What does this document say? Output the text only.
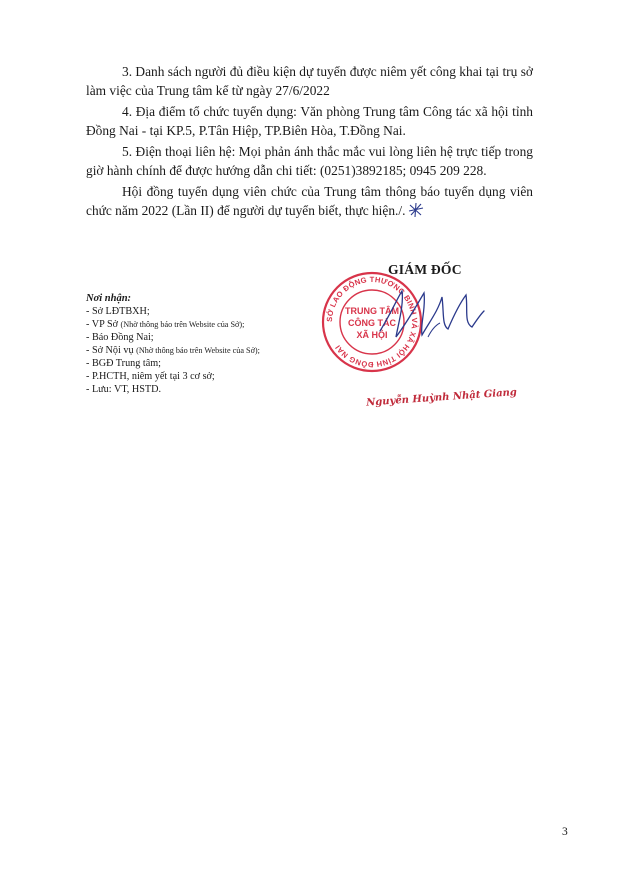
3. Danh sách người đủ điều kiện dự tuyển được niêm yết công khai tại trụ sở làm việc của Trung tâm kể từ ngày 27/6/2022

4. Địa điểm tổ chức tuyển dụng: Văn phòng Trung tâm Công tác xã hội tỉnh Đồng Nai - tại KP.5, P.Tân Hiệp, TP.Biên Hòa, T.Đồng Nai.

5. Điện thoại liên hệ: Mọi phản ánh thắc mắc vui lòng liên hệ trực tiếp trong giờ hành chính để được hướng dẫn chi tiết: (0251)3892185; 0945 209 228.

Hội đồng tuyển dụng viên chức của Trung tâm thông báo tuyển dụng viên chức năm 2022 (Lần II) để người dự tuyển biết, thực hiện./.

Nơi nhận:
- Sở LĐTBXH;
- VP Sở (Nhờ thông báo trên Website của Sở);
- Báo Đồng Nai;
- Sở Nội vụ (Nhờ thông báo trên Website của Sở);
- BGĐ Trung tâm;
- P.HCTH, niêm yết tại 3 cơ sở;
- Lưu: VT, HSTD.
GIÁM ĐỐC
SỞ LAO ĐỘNG THƯƠNG BINH VÀ XÃ HỘI TỈNH ĐỒNG NAI
TRUNG TÂM
CÔNG TÁC
XÃ HỘI
Nguyễn Huỳnh Nhật Giang
3
